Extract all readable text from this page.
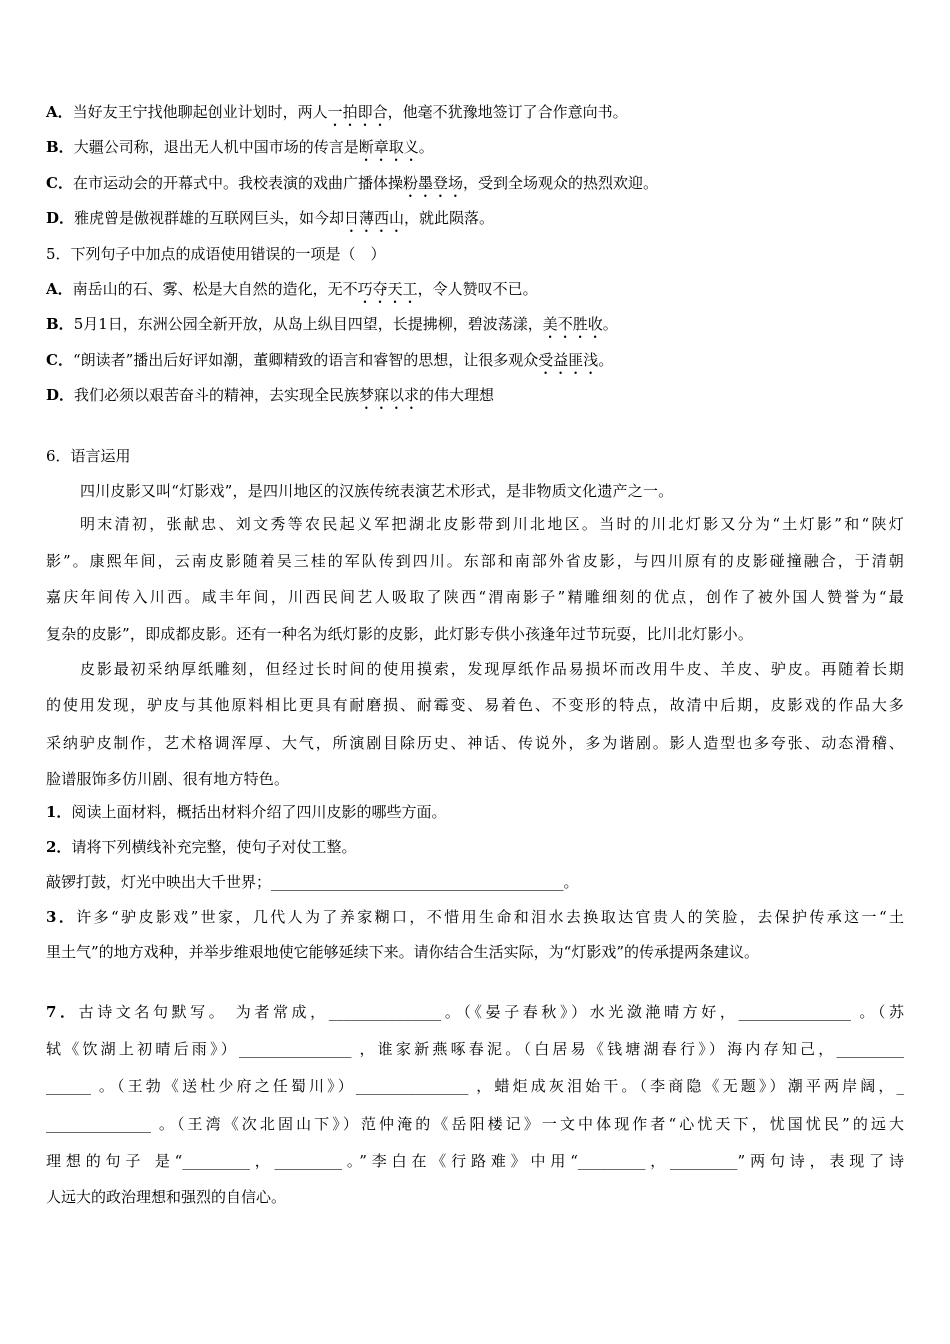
A．当好友王宁找他聊起创业计划时，两人一拍即合，他毫不犹豫地签订了合作意向书。
B．大疆公司称，退出无人机中国市场的传言是断章取义。
C．在市运动会的开幕式中。我校表演的戏曲广播体操粉墨登场，受到全场观众的热烈欢迎。
D．雅虎曾是傲视群雄的互联网巨头，如今却日薄西山，就此陨落。
5．下列句子中加点的成语使用错误的一项是（　）
A．南岳山的石、雾、松是大自然的造化，无不巧夺天工，令人赞叹不已。
B．5月1日，东洲公园全新开放，从岛上纵目四望，长提拂柳，碧波荡漾，美不胜收。
C．“朗读者”播出后好评如潮，董卿精致的语言和睿智的思想，让很多观众受益匪浅。
D．我们必须以艰苦奋斗的精神，去实现全民族梦寐以求的伟大理想
6．语言运用
四川皮影又叫“灯影戏”，是四川地区的汉族传统表演艺术形式，是非物质文化遗产之一。
明末清初，张献忠、刘文秀等农民起义军把湖北皮影带到川北地区。当时的川北灯影又分为“土灯影”和“陕灯
影”。康熙年间，云南皮影随着吴三桂的军队传到四川。东部和南部外省皮影，与四川原有的皮影碰撞融合，于清朝
嘉庆年间传入川西。咸丰年间，川西民间艺人吸取了陕西“渭南影子”精雕细刻的优点，创作了被外国人赞誉为“最
复杂的皮影”，即成都皮影。还有一种名为纸灯影的皮影，此灯影专供小孩逢年过节玩耍，比川北灯影小。
皮影最初采纳厚纸雕刻，但经过长时间的使用摸索，发现厚纸作品易损坏而改用牛皮、羊皮、驴皮。再随着长期
的使用发现，驴皮与其他原料相比更具有耐磨损、耐霉变、易着色、不变形的特点，故清中后期，皮影戏的作品大多
采纳驴皮制作，艺术格调浑厚、大气，所演剧目除历史、神话、传说外，多为谐剧。影人造型也多夸张、动态滑稽、
脸谱服饰多仿川剧、很有地方特色。
1．阅读上面材料，概括出材料介绍了四川皮影的哪些方面。
2．请将下列横线补充完整，使句子对仗工整。
敲锣打鼓，灯光中映出大千世界；_______________________________________。
3．许多“驴皮影戏”世家，几代人为了养家糊口，不惜用生命和泪水去换取达官贵人的笑脸，去保护传承这一“土
里土气”的地方戏种，并举步维艰地使它能够延续下来。请你结合生活实际，为“灯影戏”的传承提两条建议。
7．古诗文名句默写。 为者常成，_______________。（《晏子春秋》）水光潋滟晴方好，_______________ 。（苏
轼《饮湖上初晴后雨》）_______________ ，谁家新燕啄春泥。（白居易《钱塘湖春行》）海内存知己，_________
______ 。（王勃《送杜少府之任蜀川》）_______________ ，蜡炬成灰泪始干。（李商隐《无题》）潮平两岸阔，_
______________ 。（王湾《次北固山下》）范仲淹的《岳阳楼记》一文中体现作者“心忧天下，忧国忧民”的远大
理想的句子 是“_________，_________。”李白在《行路难》中用“_________，_________”两句诗，表现了诗
人远大的政治理想和强烈的自信心。
